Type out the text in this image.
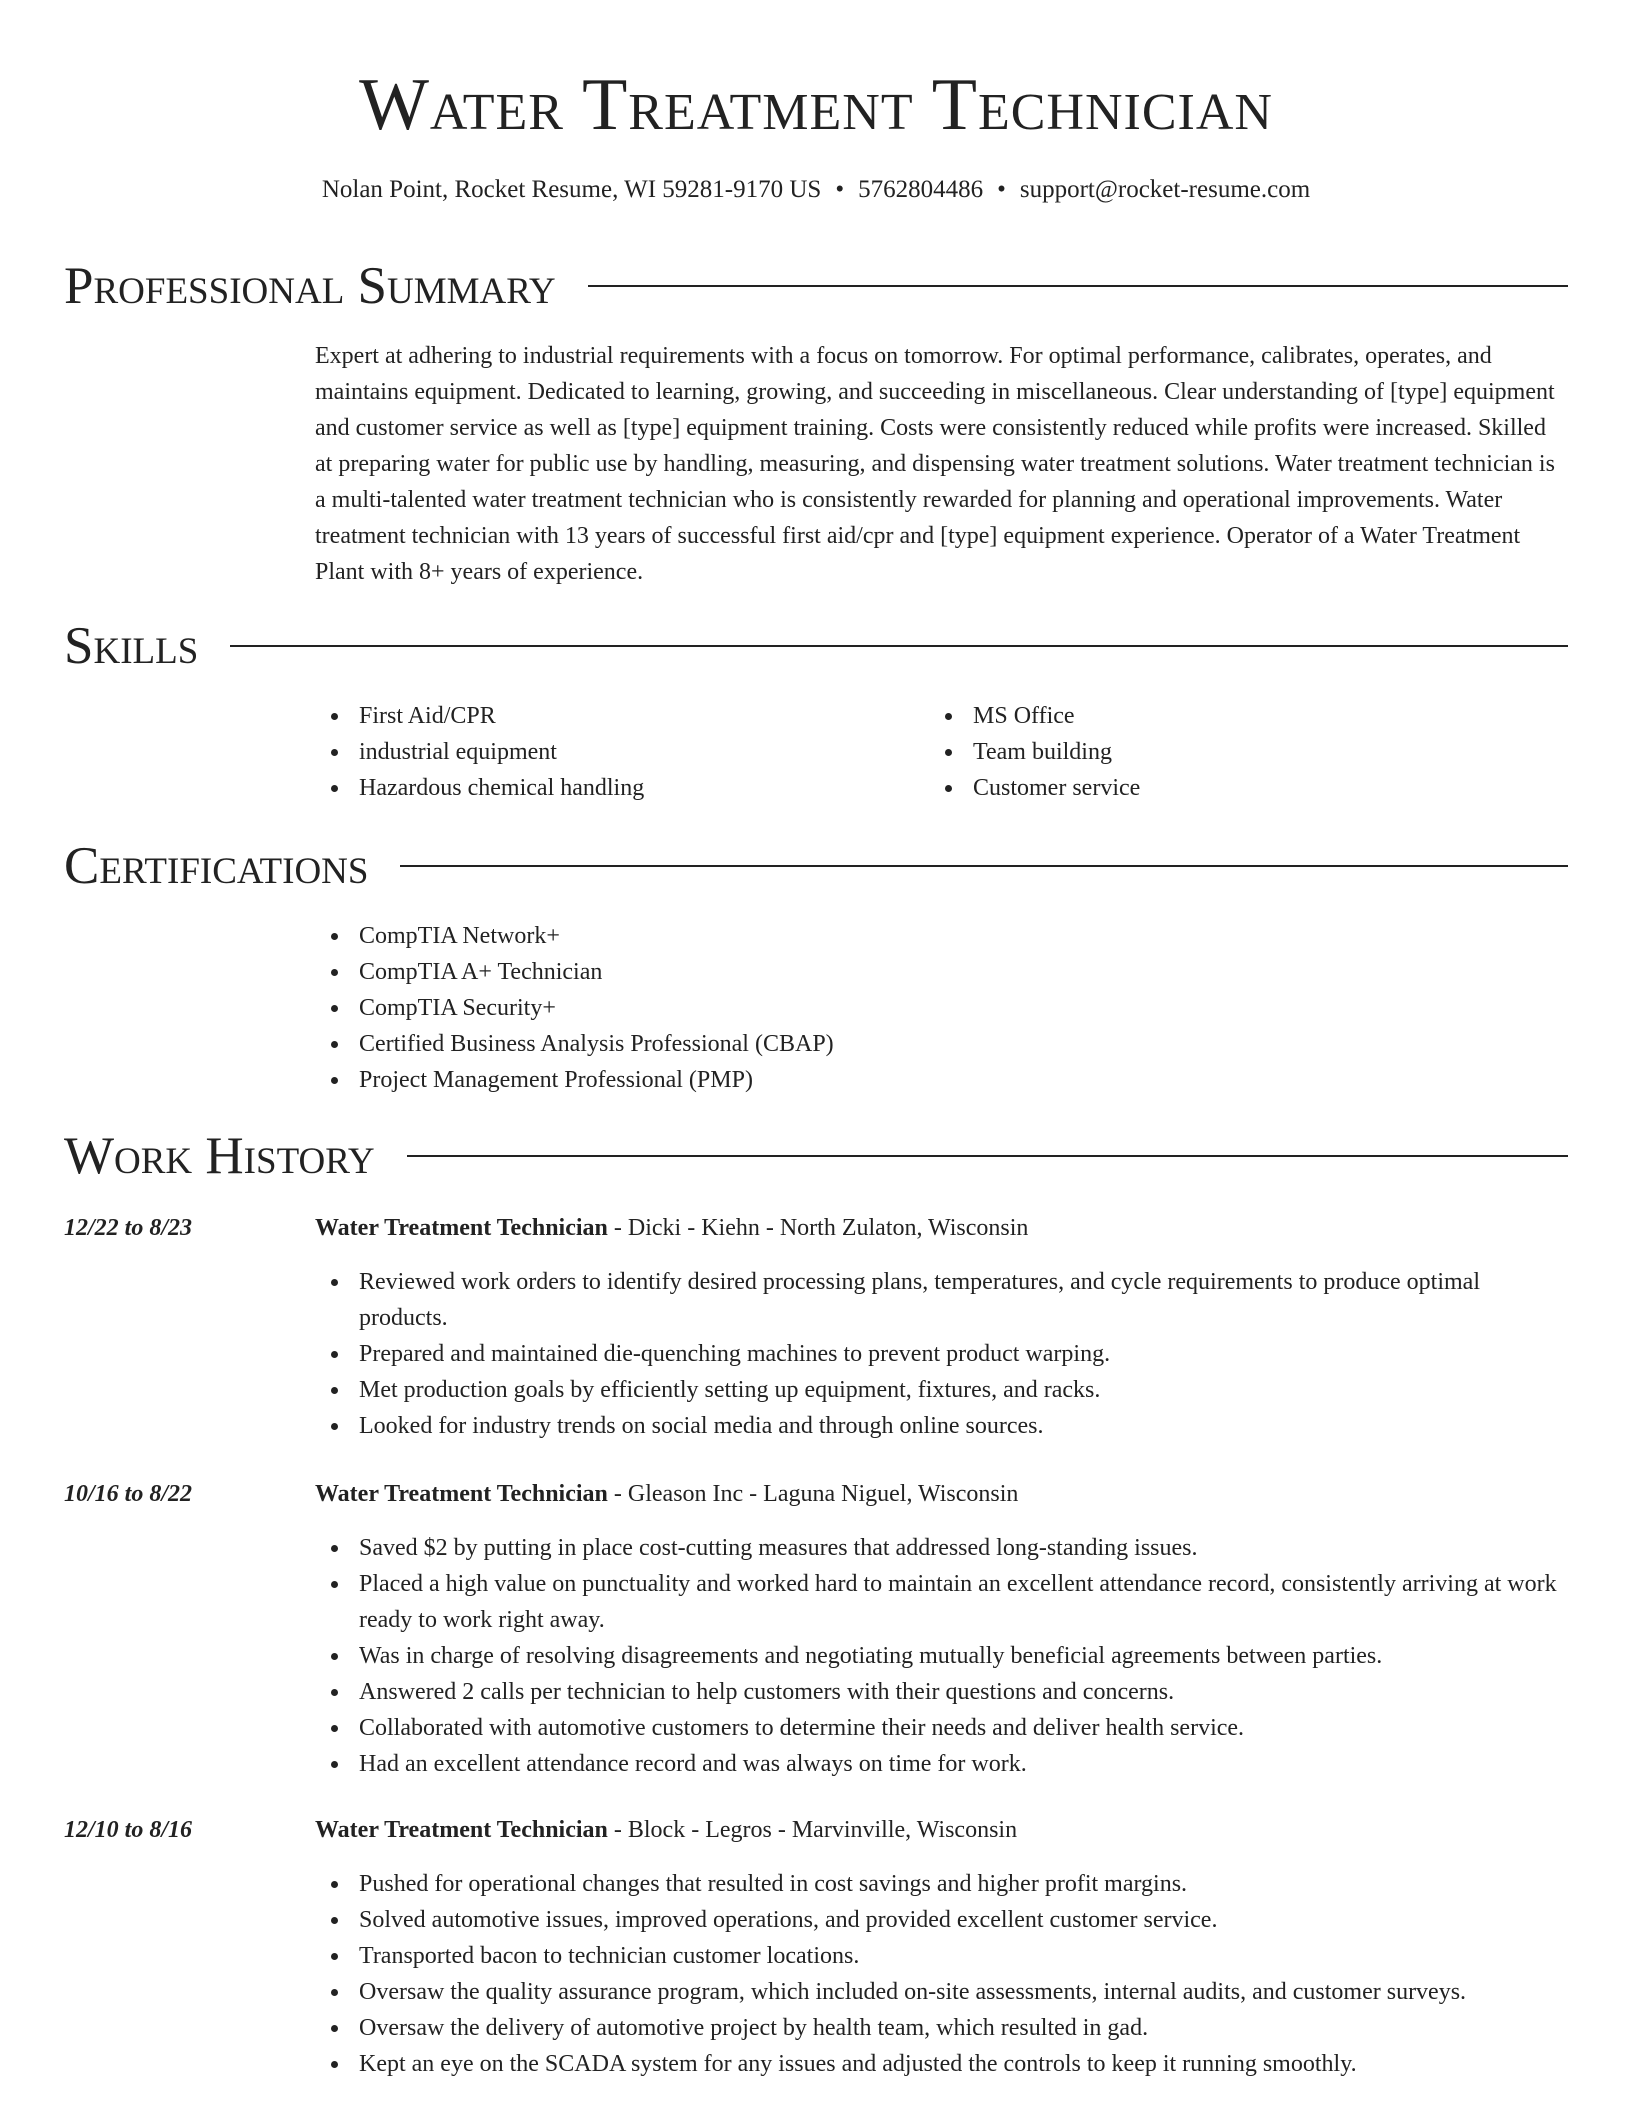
Water Treatment Technician
Nolan Point, Rocket Resume, WI 59281-9170 US • 5762804486 • support@rocket-resume.com
Professional Summary
Expert at adhering to industrial requirements with a focus on tomorrow. For optimal performance, calibrates, operates, and maintains equipment. Dedicated to learning, growing, and succeeding in miscellaneous. Clear understanding of [type] equipment and customer service as well as [type] equipment training. Costs were consistently reduced while profits were increased. Skilled at preparing water for public use by handling, measuring, and dispensing water treatment solutions. Water treatment technician is a multi-talented water treatment technician who is consistently rewarded for planning and operational improvements. Water treatment technician with 13 years of successful first aid/cpr and [type] equipment experience. Operator of a Water Treatment Plant with 8+ years of experience.
Skills
First Aid/CPR
industrial equipment
Hazardous chemical handling
MS Office
Team building
Customer service
Certifications
CompTIA Network+
CompTIA A+ Technician
CompTIA Security+
Certified Business Analysis Professional (CBAP)
Project Management Professional (PMP)
Work History
12/22 to 8/23	Water Treatment Technician - Dicki - Kiehn - North Zulaton, Wisconsin
Reviewed work orders to identify desired processing plans, temperatures, and cycle requirements to produce optimal products.
Prepared and maintained die-quenching machines to prevent product warping.
Met production goals by efficiently setting up equipment, fixtures, and racks.
Looked for industry trends on social media and through online sources.
10/16 to 8/22	Water Treatment Technician - Gleason Inc - Laguna Niguel, Wisconsin
Saved $2 by putting in place cost-cutting measures that addressed long-standing issues.
Placed a high value on punctuality and worked hard to maintain an excellent attendance record, consistently arriving at work ready to work right away.
Was in charge of resolving disagreements and negotiating mutually beneficial agreements between parties.
Answered 2 calls per technician to help customers with their questions and concerns.
Collaborated with automotive customers to determine their needs and deliver health service.
Had an excellent attendance record and was always on time for work.
12/10 to 8/16	Water Treatment Technician - Block - Legros - Marvinville, Wisconsin
Pushed for operational changes that resulted in cost savings and higher profit margins.
Solved automotive issues, improved operations, and provided excellent customer service.
Transported bacon to technician customer locations.
Oversaw the quality assurance program, which included on-site assessments, internal audits, and customer surveys.
Oversaw the delivery of automotive project by health team, which resulted in gad.
Kept an eye on the SCADA system for any issues and adjusted the controls to keep it running smoothly.
